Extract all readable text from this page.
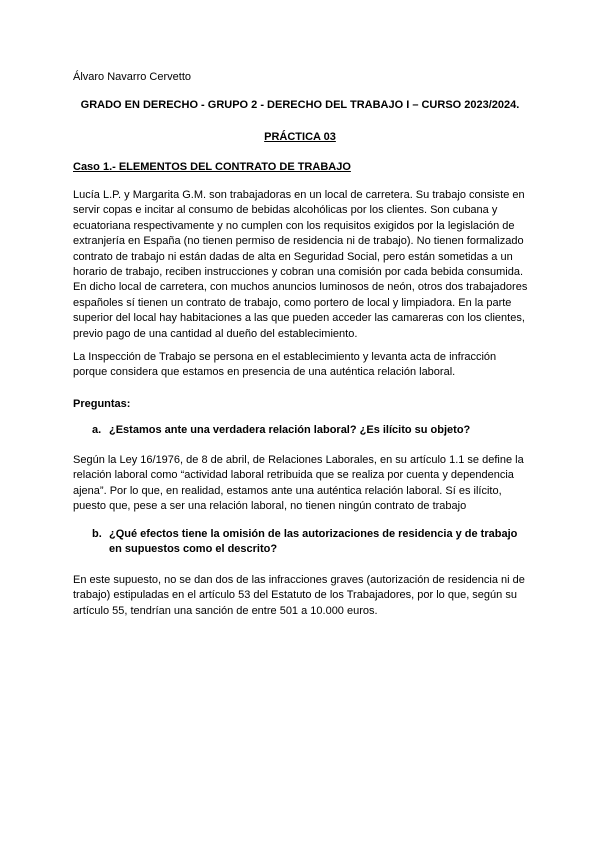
Álvaro Navarro Cervetto
GRADO EN DERECHO - GRUPO 2 - DERECHO DEL TRABAJO I – CURSO 2023/2024.
PRÁCTICA 03
Caso 1.- ELEMENTOS DEL CONTRATO DE TRABAJO

Lucía L.P. y Margarita G.M. son trabajadoras en un local de carretera. Su trabajo consiste en servir copas e incitar al consumo de bebidas alcohólicas por los clientes. Son cubana y ecuatoriana respectivamente y no cumplen con los requisitos exigidos por la legislación de extranjería en España (no tienen permiso de residencia ni de trabajo). No tienen formalizado contrato de trabajo ni están dadas de alta en Seguridad Social, pero están sometidas a un horario de trabajo, reciben instrucciones y cobran una comisión por cada bebida consumida. En dicho local de carretera, con muchos anuncios luminosos de neón, otros dos trabajadores españoles sí tienen un contrato de trabajo, como portero de local y limpiadora. En la parte superior del local hay habitaciones a las que pueden acceder las camareras con los clientes, previo pago de una cantidad al dueño del establecimiento.

La Inspección de Trabajo se persona en el establecimiento y levanta acta de infracción porque considera que estamos en presencia de una auténtica relación laboral.

Preguntas:
a. ¿Estamos ante una verdadera relación laboral? ¿Es ilícito su objeto?

Según la Ley 16/1976, de 8 de abril, de Relaciones Laborales, en su artículo 1.1 se define la relación laboral como “actividad laboral retribuida que se realiza por cuenta y dependencia ajena”. Por lo que, en realidad, estamos ante una auténtica relación laboral. Sí es ilícito, puesto que, pese a ser una relación laboral, no tienen ningún contrato de trabajo

b. ¿Qué efectos tiene la omisión de las autorizaciones de residencia y de trabajo en supuestos como el descrito?

En este supuesto, no se dan dos de las infracciones graves (autorización de residencia ni de trabajo) estipuladas en el artículo 53 del Estatuto de los Trabajadores, por lo que, según su artículo 55, tendrían una sanción de entre 501 a 10.000 euros.
